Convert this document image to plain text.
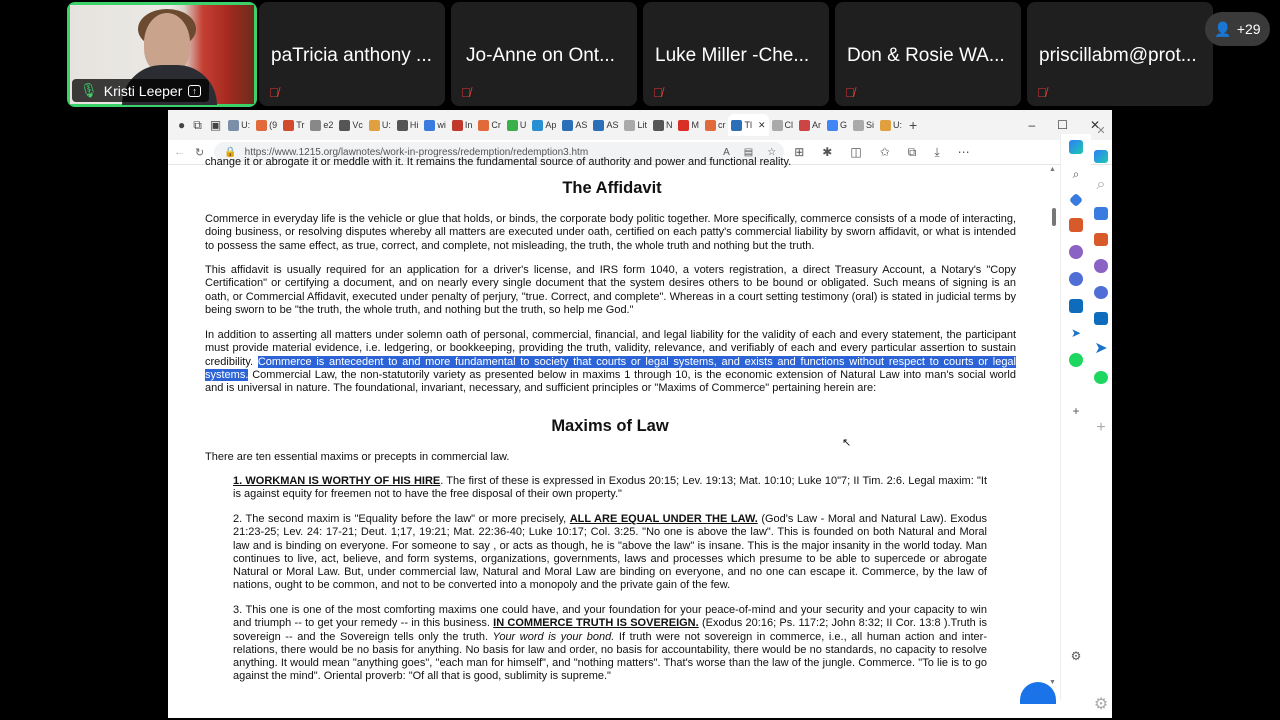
🎙 Kristi Leeper	↑
paTricia anthony ...
🎙̸
Jo-Anne on Ont...
🎙̸
Luke Miller -Che...
🎙̸
Don & Rosie WA...
🎙̸
priscillabm@prot...
🎙̸
👤 +29
● ⧉ ▣	U: (9 Tr e2 Vc U: Hi wi In Cr U Ap AS AS Lit N M cr Tl ✕ Cl Ar G Si U: +	– ☐ ✕
← ↻ 🔒 https://www.1215.org/lawnotes/work-in-progress/redemption/redemption3.htm	A ▤ ☆ ⊞ ✱ ◫ ✩ ⧉ ⤓ ⋯
change it or abrogate it or meddle with it. It remains the fundamental source of authority and power and functional reality.
The Affidavit

Commerce in everyday life is the vehicle or glue that holds, or binds, the corporate body politic together. More specifically, commerce consists of a mode of interacting, doing business, or resolving disputes whereby all matters are executed under oath, certified on each patty's commercial liability by sworn affidavit, or what is intended to possess the same effect, as true, correct, and complete, not misleading, the truth, the whole truth and nothing but the truth.

This affidavit is usually required for an application for a driver's license, and IRS form 1040, a voters registration, a direct Treasury Account, a Notary's "Copy Certification" or certifying a document, and on nearly every single document that the system desires others to be bound or obligated. Such means of signing is an oath, or Commercial Affidavit, executed under penalty of perjury, "true. Correct, and complete". Whereas in a court setting testimony (oral) is stated in judicial terms by being sworn to be "the truth, the whole truth, and nothing but the truth, so help me God."

In addition to asserting all matters under solemn oath of personal, commercial, financial, and legal liability for the validity of each and every statement, the participant must provide material evidence, i.e. ledgering, or bookkeeping, providing the truth, validity, relevance, and verifiably of each and every particular assertion to sustain credibility. Commerce is antecedent to and more fundamental to society that courts or legal systems, and exists and functions without respect to courts or legal systems. Commercial Law, the non-statutorily variety as presented below in maxims 1 through 10, is the economic extension of Natural Law into man's social world and is universal in nature. The foundational, invariant, necessary, and sufficient principles or "Maxims of Commerce" pertaining herein are:

Maxims of Law

There are ten essential maxims or precepts in commercial law.

1. WORKMAN IS WORTHY OF HIS HIRE. The first of these is expressed in Exodus 20:15; Lev. 19:13; Mat. 10:10; Luke 10"7; II Tim. 2:6. Legal maxim: "It is against equity for freemen not to have the free disposal of their own property."

2. The second maxim is "Equality before the law" or more precisely, ALL ARE EQUAL UNDER THE LAW. (God's Law - Moral and Natural Law). Exodus 21:23-25; Lev. 24: 17-21; Deut. 1;17, 19:21; Mat. 22:36-40; Luke 10:17; Col. 3:25. "No one is above the law". This is founded on both Natural and Moral law and is binding on everyone. For someone to say , or acts as though, he is "above the law" is insane. This is the major insanity in the world today. Man continues to live, act, believe, and form systems, organizations, governments, laws and processes which presume to be able to supercede or abrogate Natural or Moral Law. But, under commercial law, Natural and Moral Law are binding on everyone, and no one can escape it. Commerce, by the law of nations, ought to be common, and not to be converted into a monopoly and the private gain of the few.

3. This one is one of the most comforting maxims one could have, and your foundation for your peace-of-mind and your security and your capacity to win and triumph -- to get your remedy -- in this business. IN COMMERCE TRUTH IS SOVEREIGN. (Exodus 20:16; Ps. 117:2; John 8:32; II Cor. 13:8 ).Truth is sovereign -- and the Sovereign tells only the truth. Your word is your bond. If truth were not sovereign in commerce, i.e., all human action and inter-relations, there would be no basis for anything. No basis for law and order, no basis for accountability, there would be no standards, no capacity to resolve anything. It would mean "anything goes", "each man for himself", and "nothing matters". That's worse than the law of the jungle. Commerce. "To lie is to go against the mind". Oriental proverb: "Of all that is good, sublimity is supreme."

↖
▲
▼
⌕
➤
+
⚙
✕
⌕
➤
+
⚙
